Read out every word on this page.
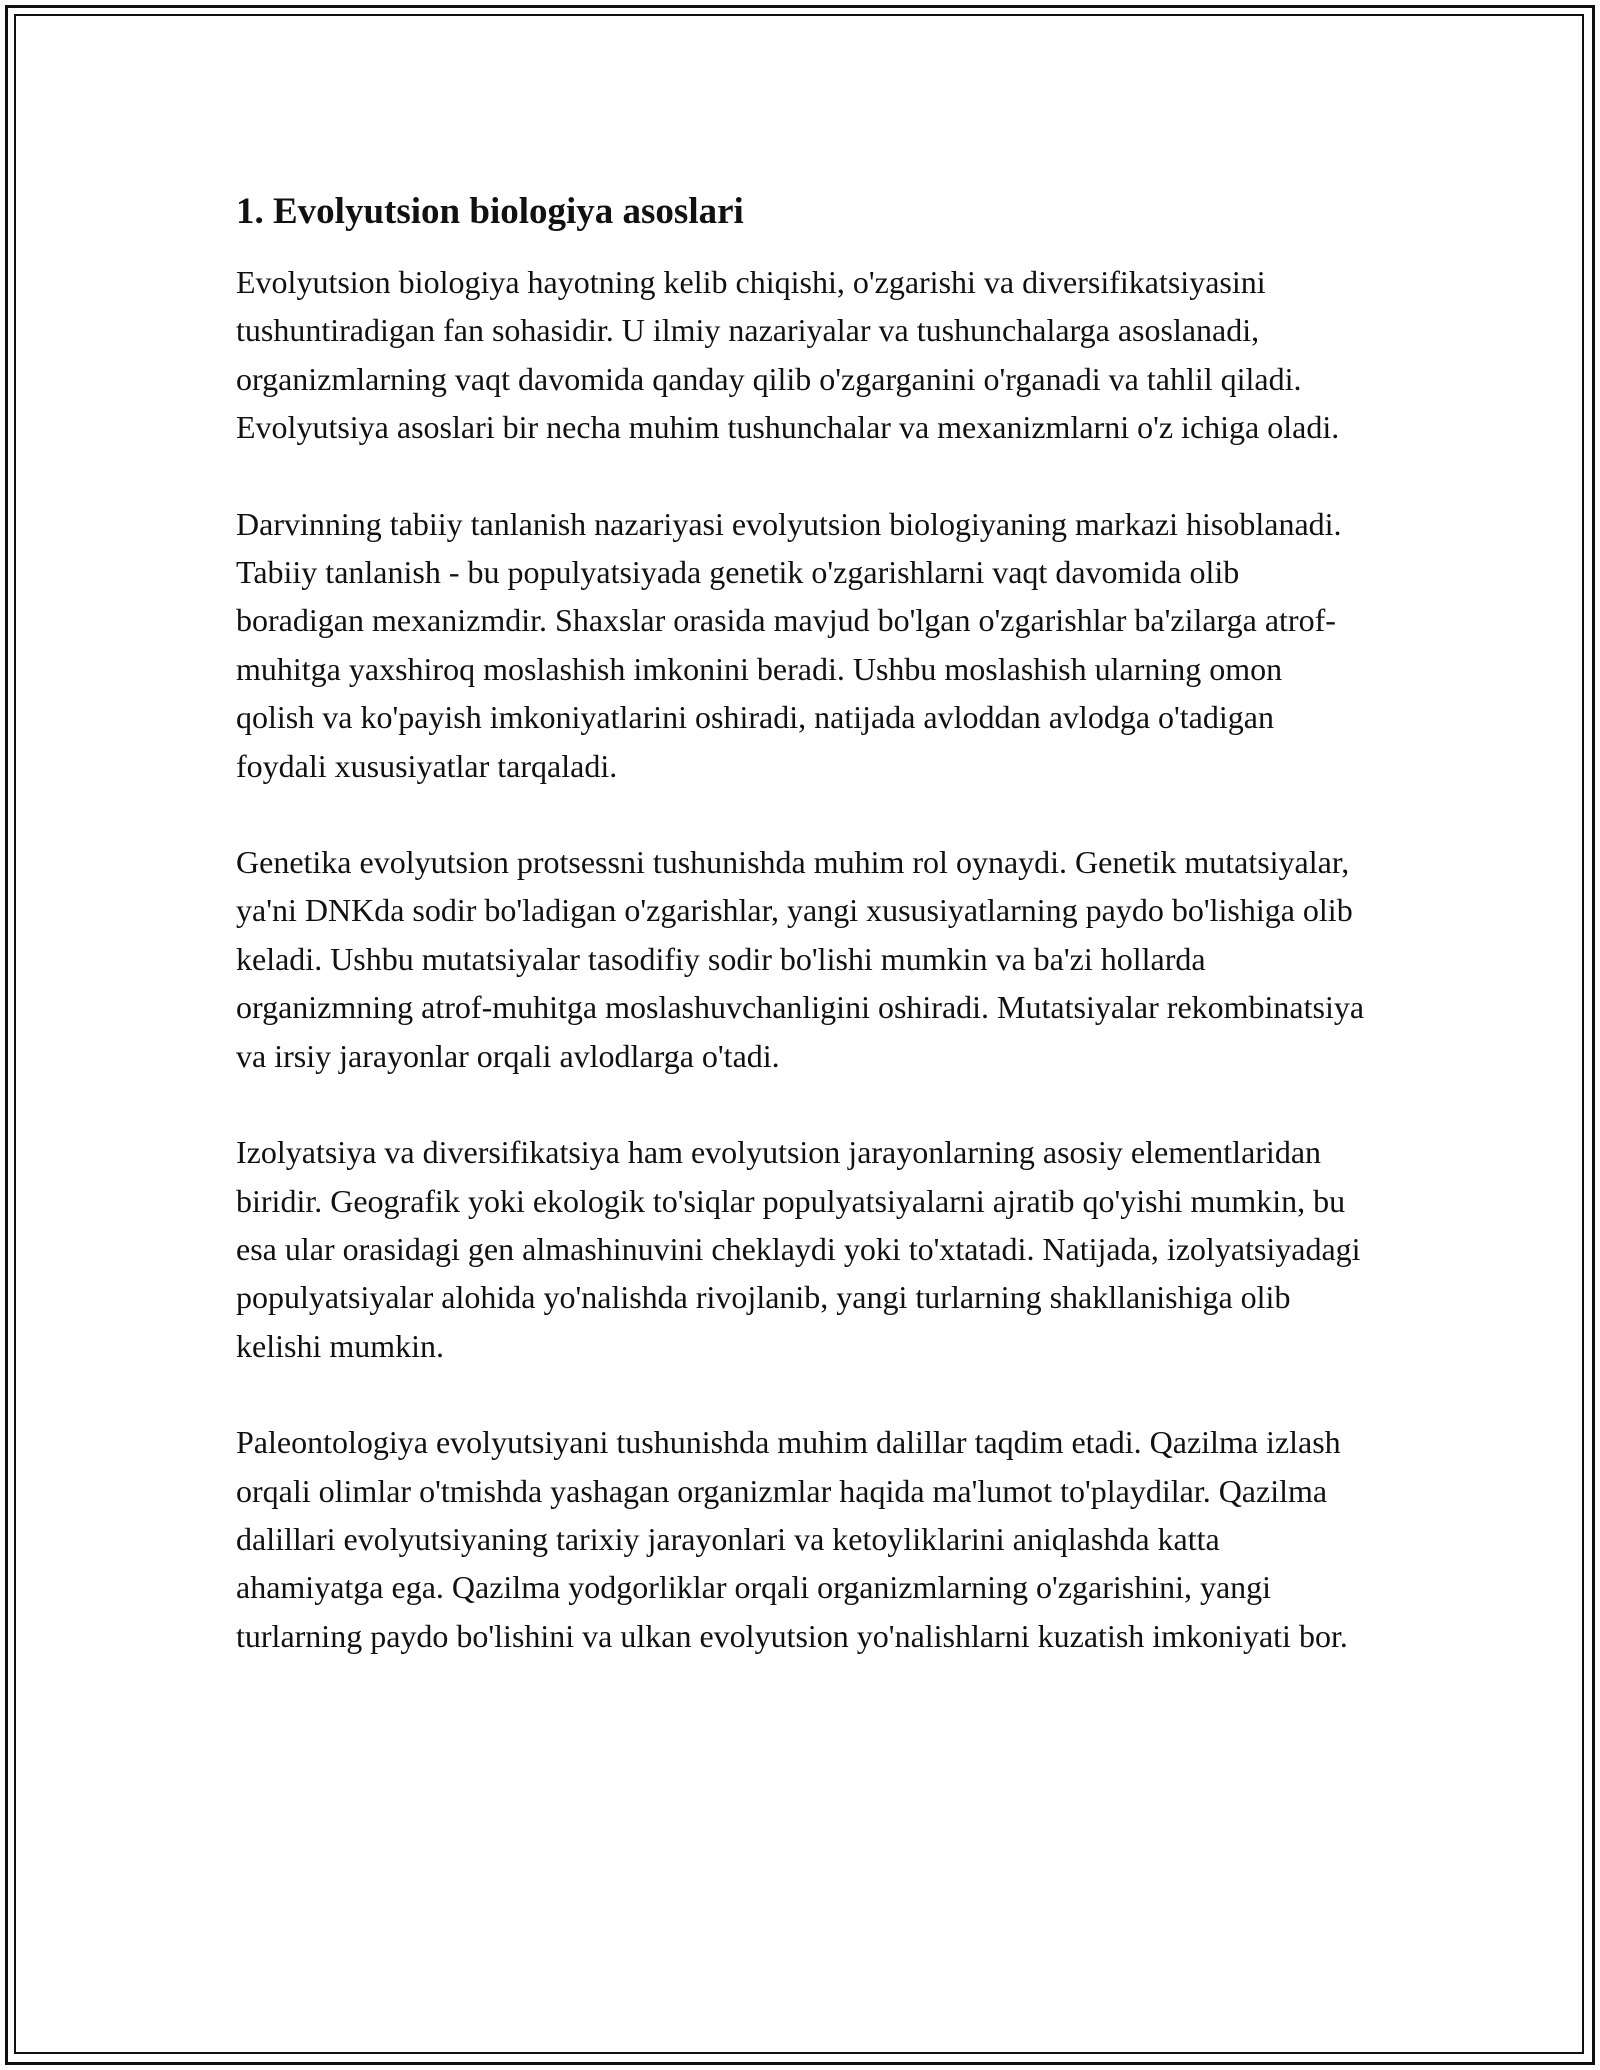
1. Evolyutsion biologiya asoslari

Evolyutsion biologiya hayotning kelib chiqishi, o'zgarishi va diversifikatsiyasini tushuntiradigan fan sohasidir. U ilmiy nazariyalar va tushunchalarga asoslanadi, organizmlarning vaqt davomida qanday qilib o'zgarganini o'rganadi va tahlil qiladi. Evolyutsiya asoslari bir necha muhim tushunchalar va mexanizmlarni o'z ichiga oladi.

Darvinning tabiiy tanlanish nazariyasi evolyutsion biologiyaning markazi hisoblanadi. Tabiiy tanlanish - bu populyatsiyada genetik o'zgarishlarni vaqt davomida olib boradigan mexanizmdir. Shaxslar orasida mavjud bo'lgan o'zgarishlar ba'zilarga atrof-muhitga yaxshiroq moslashish imkonini beradi. Ushbu moslashish ularning omon qolish va ko'payish imkoniyatlarini oshiradi, natijada avloddan avlodga o'tadigan foydali xususiyatlar tarqaladi.

Genetika evolyutsion protsessni tushunishda muhim rol oynaydi. Genetik mutatsiyalar, ya'ni DNKda sodir bo'ladigan o'zgarishlar, yangi xususiyatlarning paydo bo'lishiga olib keladi. Ushbu mutatsiyalar tasodifiy sodir bo'lishi mumkin va ba'zi hollarda organizmning atrof-muhitga moslashuvchanligini oshiradi. Mutatsiyalar rekombinatsiya va irsiy jarayonlar orqali avlodlarga o'tadi.

Izolyatsiya va diversifikatsiya ham evolyutsion jarayonlarning asosiy elementlaridan biridir. Geografik yoki ekologik to'siqlar populyatsiyalarni ajratib qo'yishi mumkin, bu esa ular orasidagi gen almashinuvini cheklaydi yoki to'xtatadi. Natijada, izolyatsiyadagi populyatsiyalar alohida yo'nalishda rivojlanib, yangi turlarning shakllanishiga olib kelishi mumkin.

Paleontologiya evolyutsiyani tushunishda muhim dalillar taqdim etadi. Qazilma izlash orqali olimlar o'tmishda yashagan organizmlar haqida ma'lumot to'playdilar. Qazilma dalillari evolyutsiyaning tarixiy jarayonlari va ketoyliklarini aniqlashda katta ahamiyatga ega. Qazilma yodgorliklar orqali organizmlarning o'zgarishini, yangi turlarning paydo bo'lishini va ulkan evolyutsion yo'nalishlarni kuzatish imkoniyati bor.
